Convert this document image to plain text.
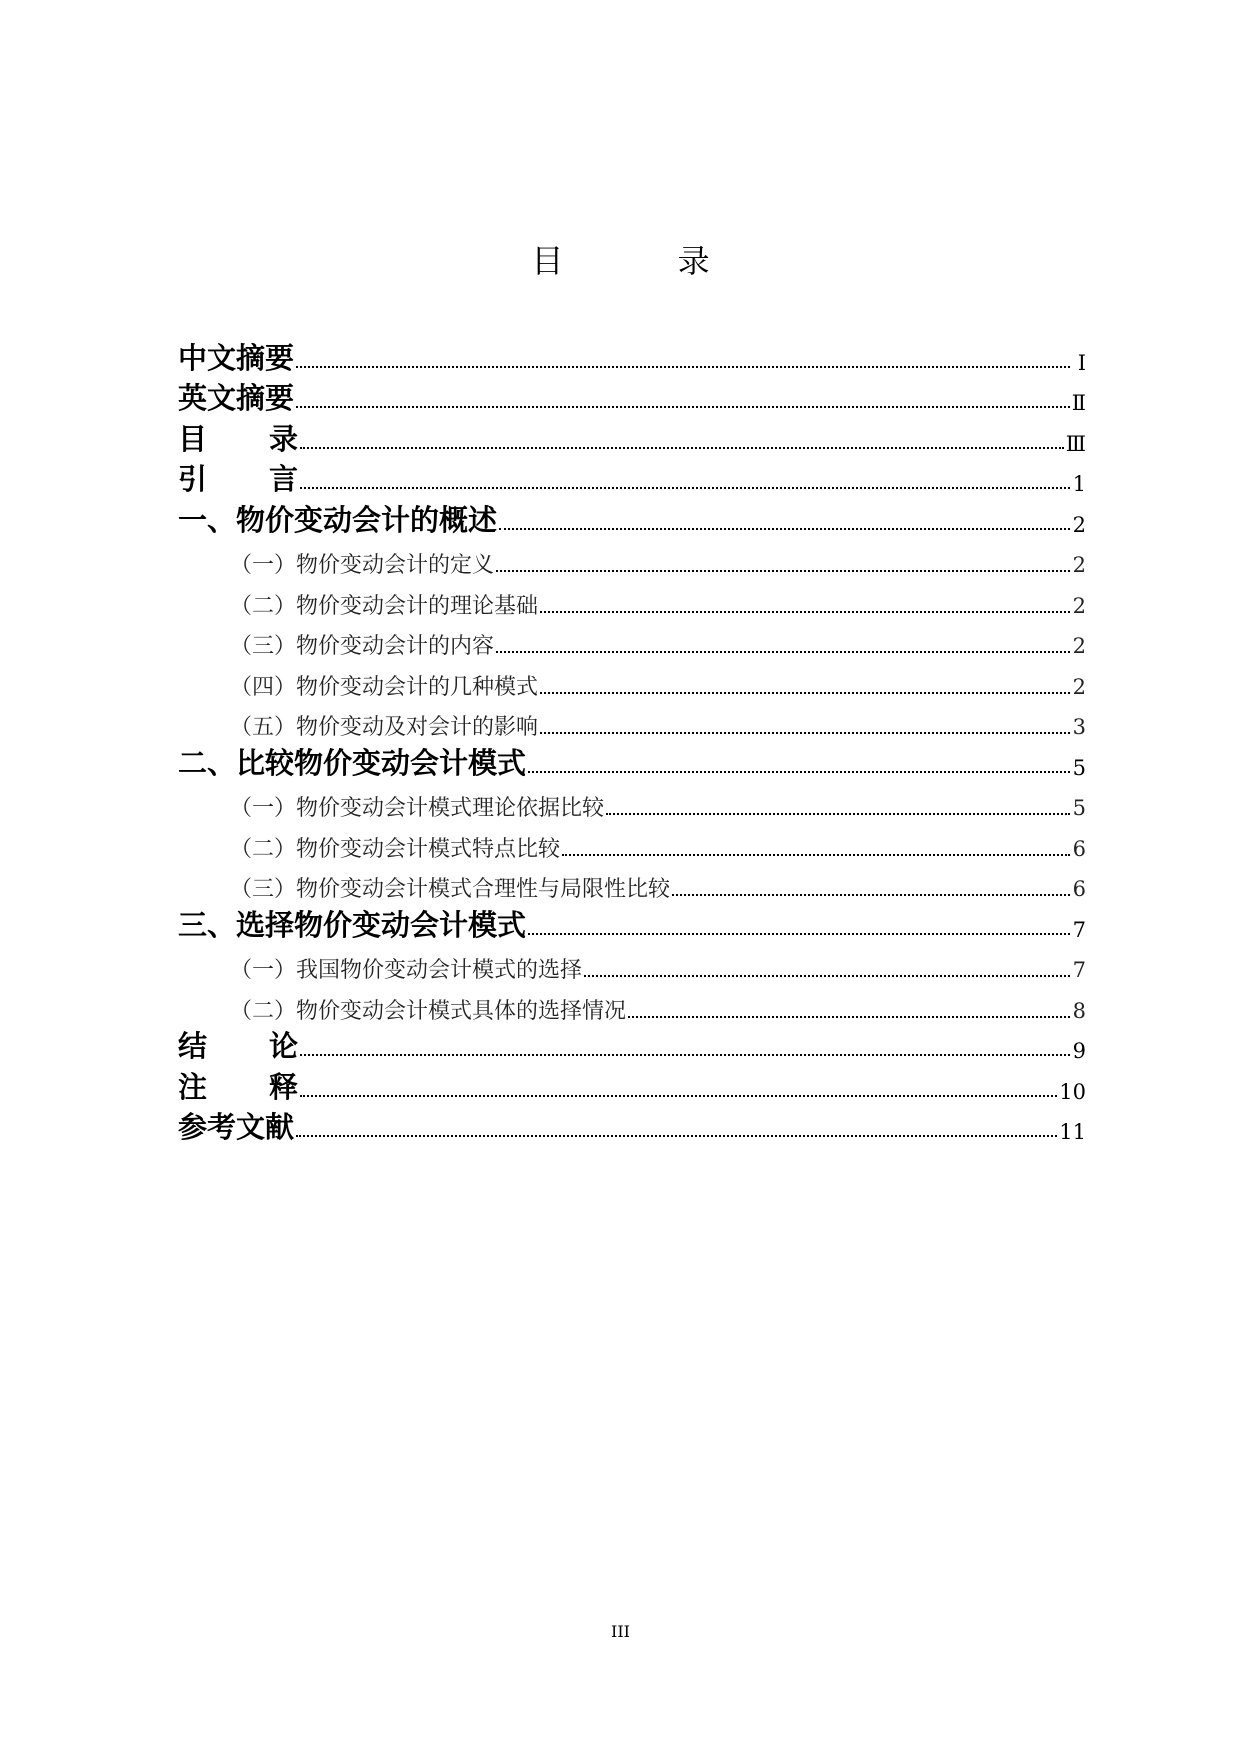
目 录
中文摘要	Ⅰ
英文摘要	Ⅱ
目 录	Ⅲ
引 言	1
一、物价变动会计的概述	2
（一）物价变动会计的定义	2
（二）物价变动会计的理论基础	2
（三）物价变动会计的内容	2
（四）物价变动会计的几种模式	2
（五）物价变动及对会计的影响	3
二、比较物价变动会计模式	5
（一）物价变动会计模式理论依据比较	5
（二）物价变动会计模式特点比较	6
（三）物价变动会计模式合理性与局限性比较	6
三、选择物价变动会计模式	7
（一）我国物价变动会计模式的选择	7
（二）物价变动会计模式具体的选择情况	8
结 论	9
注 释	10
参考文献	11
III
